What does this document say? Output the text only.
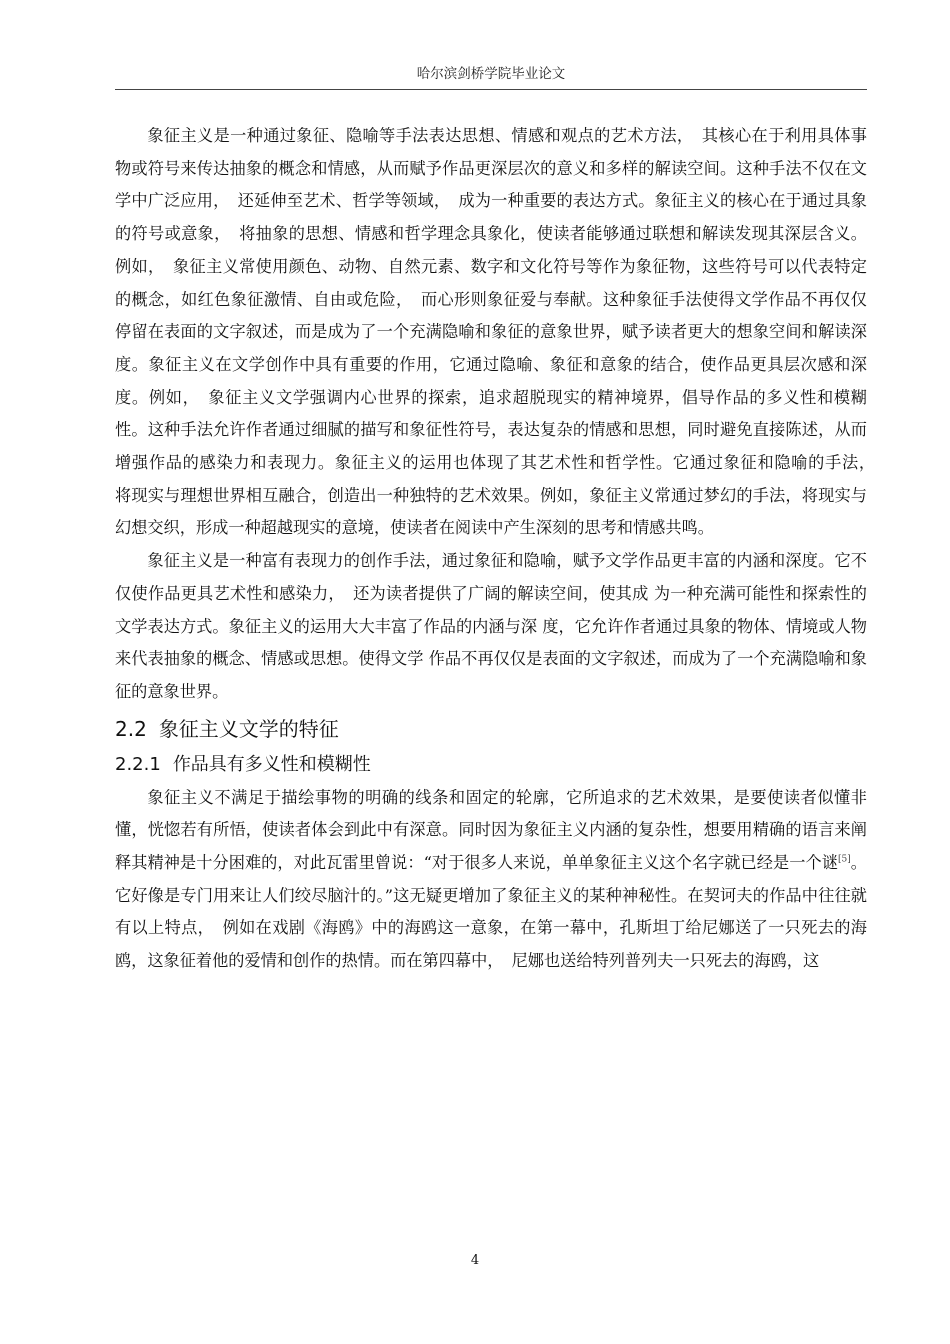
哈尔滨剑桥学院毕业论文

象征主义是一种通过象征、隐喻等手法表达思想、情感和观点的艺术方法，　其核心在于利用具体事物或符号来传达抽象的概念和情感，从而赋予作品更深层次的意义和多样的解读空间。这种手法不仅在文学中广泛应用，　还延伸至艺术、哲学等领域，　成为一种重要的表达方式。象征主义的核心在于通过具象的符号或意象，　将抽象的思想、情感和哲学理念具象化，使读者能够通过联想和解读发现其深层含义。例如，　象征主义常使用颜色、动物、自然元素、数字和文化符号等作为象征物，这些符号可以代表特定的概念，如红色象征激情、自由或危险，　而心形则象征爱与奉献。这种象征手法使得文学作品不再仅仅停留在表面的文字叙述，而是成为了一个充满隐喻和象征的意象世界，赋予读者更大的想象空间和解读深度。象征主义在文学创作中具有重要的作用，它通过隐喻、象征和意象的结合，使作品更具层次感和深度。例如，　象征主义文学强调内心世界的探索，追求超脱现实的精神境界，倡导作品的多义性和模糊性。这种手法允许作者通过细腻的描写和象征性符号，表达复杂的情感和思想，同时避免直接陈述，从而增强作品的感染力和表现力。象征主义的运用也体现了其艺术性和哲学性。它通过象征和隐喻的手法，　将现实与理想世界相互融合，创造出一种独特的艺术效果。例如，象征主义常通过梦幻的手法，将现实与幻想交织，形成一种超越现实的意境，使读者在阅读中产生深刻的思考和情感共鸣。

象征主义是一种富有表现力的创作手法，通过象征和隐喻，赋予文学作品更丰富的内涵和深度。它不仅使作品更具艺术性和感染力，　还为读者提供了广阔的解读空间，使其成 为一种充满可能性和探索性的文学表达方式。象征主义的运用大大丰富了作品的内涵与深 度，它允许作者通过具象的物体、情境或人物来代表抽象的概念、情感或思想。使得文学 作品不再仅仅是表面的文字叙述，而成为了一个充满隐喻和象征的意象世界。

2.2 象征主义文学的特征
2.2.1 作品具有多义性和模糊性

象征主义不满足于描绘事物的明确的线条和固定的轮廓，它所追求的艺术效果，是要使读者似懂非懂，恍惚若有所悟，使读者体会到此中有深意。同时因为象征主义内涵的复杂性，想要用精确的语言来阐释其精神是十分困难的，对此瓦雷里曾说：“对于很多人来说，单单象征主义这个名字就已经是一个谜[5]。它好像是专门用来让人们绞尽脑汁的。”这无疑更增加了象征主义的某种神秘性。在契诃夫的作品中往往就有以上特点，　例如在戏剧《海鸥》中的海鸥这一意象，在第一幕中，孔斯坦丁给尼娜送了一只死去的海鸥，这象征着他的爱情和创作的热情。而在第四幕中，　尼娜也送给特列普列夫一只死去的海鸥，这

4
